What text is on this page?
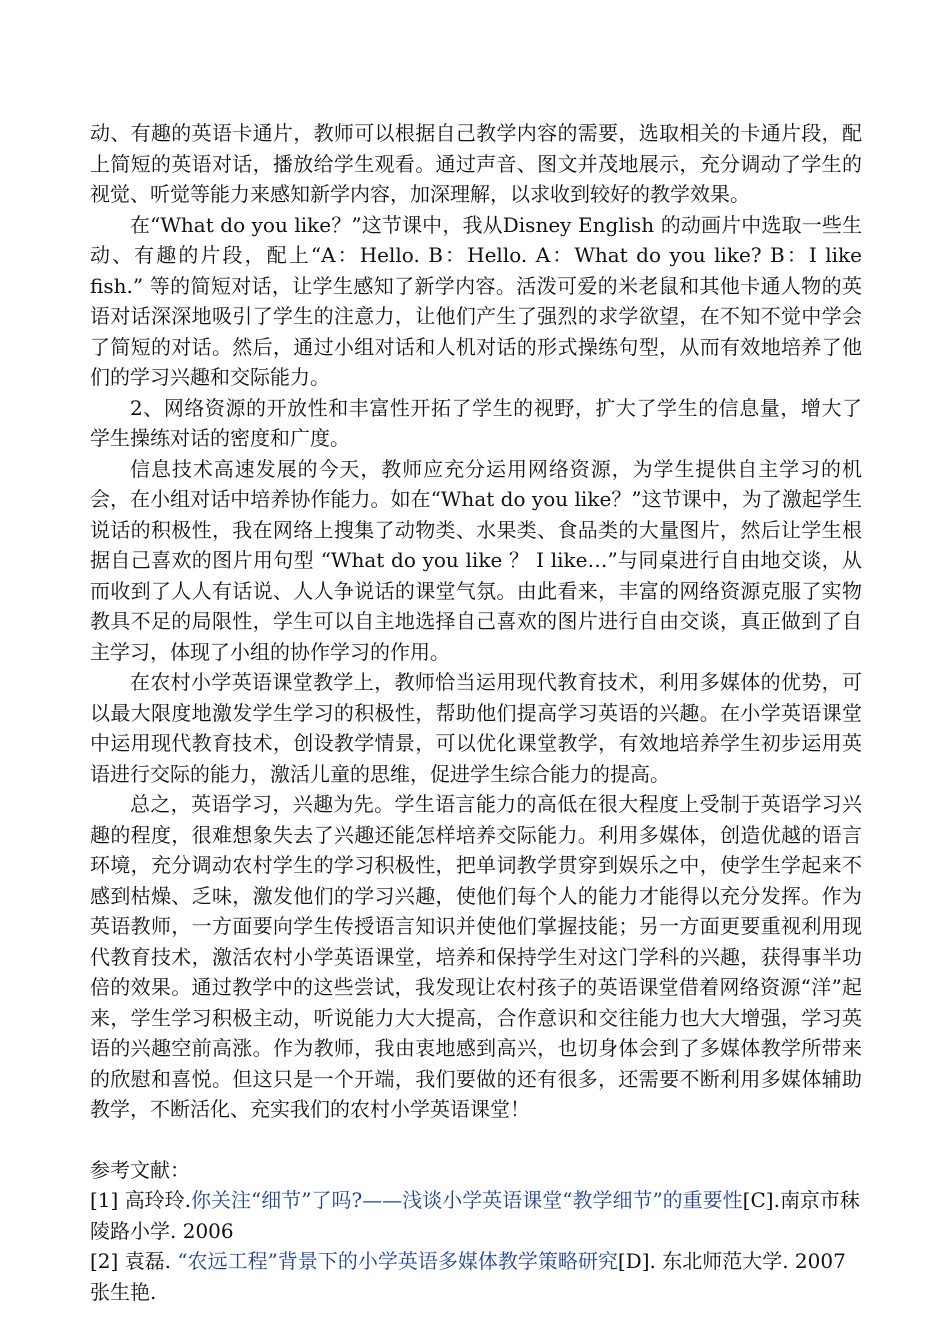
动、有趣的英语卡通片，教师可以根据自己教学内容的需要，选取相关的卡通片段，配上简短的英语对话，播放给学生观看。通过声音、图文并茂地展示，充分调动了学生的视觉、听觉等能力来感知新学内容，加深理解，以求收到较好的教学效果。

在“What do you like？”这节课中，我从Disney English 的动画片中选取一些生动、有趣的片段，配上“A：Hello. B：Hello. A：What do you like? B：I like fish.” 等的简短对话，让学生感知了新学内容。活泼可爱的米老鼠和其他卡通人物的英语对话深深地吸引了学生的注意力，让他们产生了强烈的求学欲望，在不知不觉中学会了简短的对话。然后，通过小组对话和人机对话的形式操练句型，从而有效地培养了他们的学习兴趣和交际能力。

2、网络资源的开放性和丰富性开拓了学生的视野，扩大了学生的信息量，增大了学生操练对话的密度和广度。

信息技术高速发展的今天，教师应充分运用网络资源，为学生提供自主学习的机会，在小组对话中培养协作能力。如在“What do you like？”这节课中，为了激起学生说话的积极性，我在网络上搜集了动物类、水果类、食品类的大量图片，然后让学生根据自己喜欢的图片用句型 “What do you like ？ I like…”与同桌进行自由地交谈，从而收到了人人有话说、人人争说话的课堂气氛。由此看来，丰富的网络资源克服了实物教具不足的局限性，学生可以自主地选择自己喜欢的图片进行自由交谈，真正做到了自主学习，体现了小组的协作学习的作用。

在农村小学英语课堂教学上，教师恰当运用现代教育技术，利用多媒体的优势，可以最大限度地激发学生学习的积极性，帮助他们提高学习英语的兴趣。在小学英语课堂中运用现代教育技术，创设教学情景，可以优化课堂教学，有效地培养学生初步运用英语进行交际的能力，激活儿童的思维，促进学生综合能力的提高。

总之，英语学习，兴趣为先。学生语言能力的高低在很大程度上受制于英语学习兴趣的程度，很难想象失去了兴趣还能怎样培养交际能力。利用多媒体，创造优越的语言环境，充分调动农村学生的学习积极性，把单词教学贯穿到娱乐之中，使学生学起来不感到枯燥、乏味，激发他们的学习兴趣，使他们每个人的能力才能得以充分发挥。作为英语教师，一方面要向学生传授语言知识并使他们掌握技能；另一方面更要重视利用现代教育技术，激活农村小学英语课堂，培养和保持学生对这门学科的兴趣，获得事半功倍的效果。通过教学中的这些尝试，我发现让农村孩子的英语课堂借着网络资源“洋”起来，学生学习积极主动，听说能力大大提高，合作意识和交往能力也大大增强，学习英语的兴趣空前高涨。作为教师，我由衷地感到高兴，也切身体会到了多媒体教学所带来的欣慰和喜悦。但这只是一个开端，我们要做的还有很多，还需要不断利用多媒体辅助教学，不断活化、充实我们的农村小学英语课堂！

参考文献：

[1] 高玲玲.你关注“细节”了吗?——浅谈小学英语课堂“教学细节”的重要性[C].南京市秣陵路小学. 2006

[2] 袁磊. “农远工程”背景下的小学英语多媒体教学策略研究[D]. 东北师范大学. 2007张生艳.
